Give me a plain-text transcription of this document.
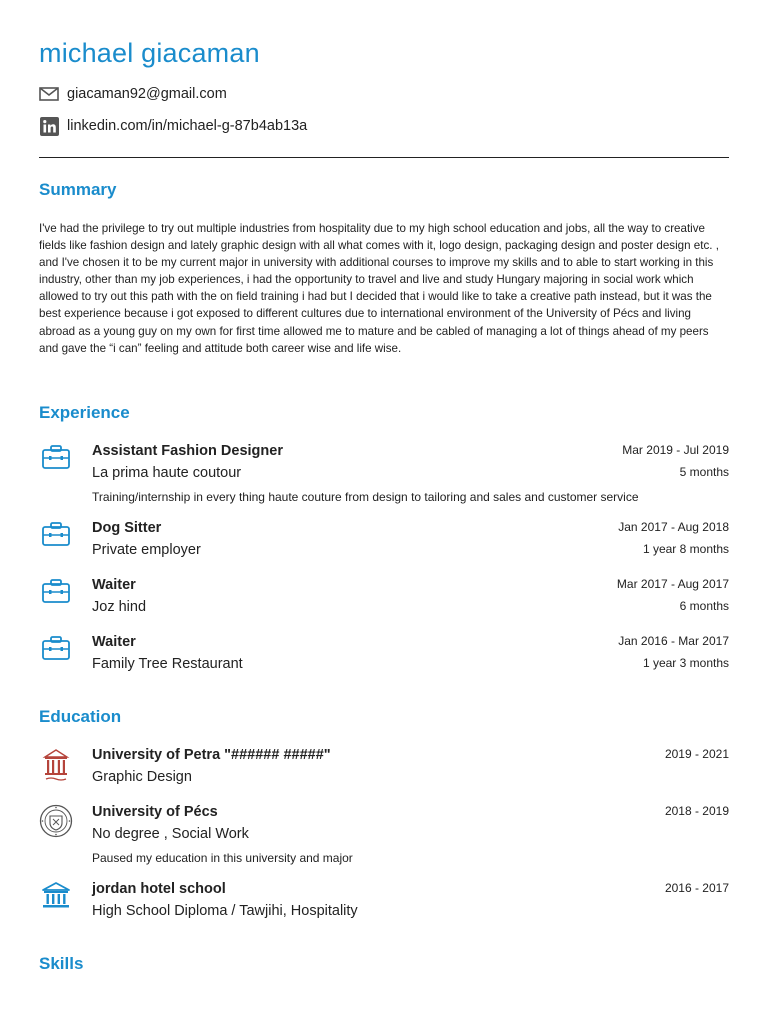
michael giacaman
giacaman92@gmail.com
linkedin.com/in/michael-g-87b4ab13a
Summary
I've had the privilege to try out multiple industries from hospitality due to my high school education and jobs, all the way to creative fields like fashion design and lately graphic design with all what comes with it, logo design, packaging design and poster design etc. , and I've chosen it to be my current major in university with additional courses to improve my skills and to able to start working in this industry, other than my job experiences, i had the opportunity to travel and live and study Hungary majoring in social work which allowed to try out this path with the on field training i had but I decided that i would like to take a creative path instead, but it was the best experience because i got exposed to different cultures due to international environment of the University of Pécs and living abroad as a young guy on my own for first time allowed me to mature and be cabled of managing a lot of things ahead of my peers and gave the “i can” feeling and attitude both career wise and life wise.
Experience
Assistant Fashion Designer
La prima haute coutour
Training/internship in every thing haute couture from design to tailoring and sales and customer service
Mar 2019 - Jul 2019
5 months
Dog Sitter
Private employer
Jan 2017 - Aug 2018
1 year 8 months
Waiter
Joz hind
Mar 2017 - Aug 2017
6 months
Waiter
Family Tree Restaurant
Jan 2016 - Mar 2017
1 year 3 months
Education
University of Petra "###### #####"
Graphic Design
2019 - 2021
University of Pécs
No degree , Social Work
Paused my education in this university and major
2018 - 2019
jordan hotel school
High School Diploma / Tawjihi, Hospitality
2016 - 2017
Skills
